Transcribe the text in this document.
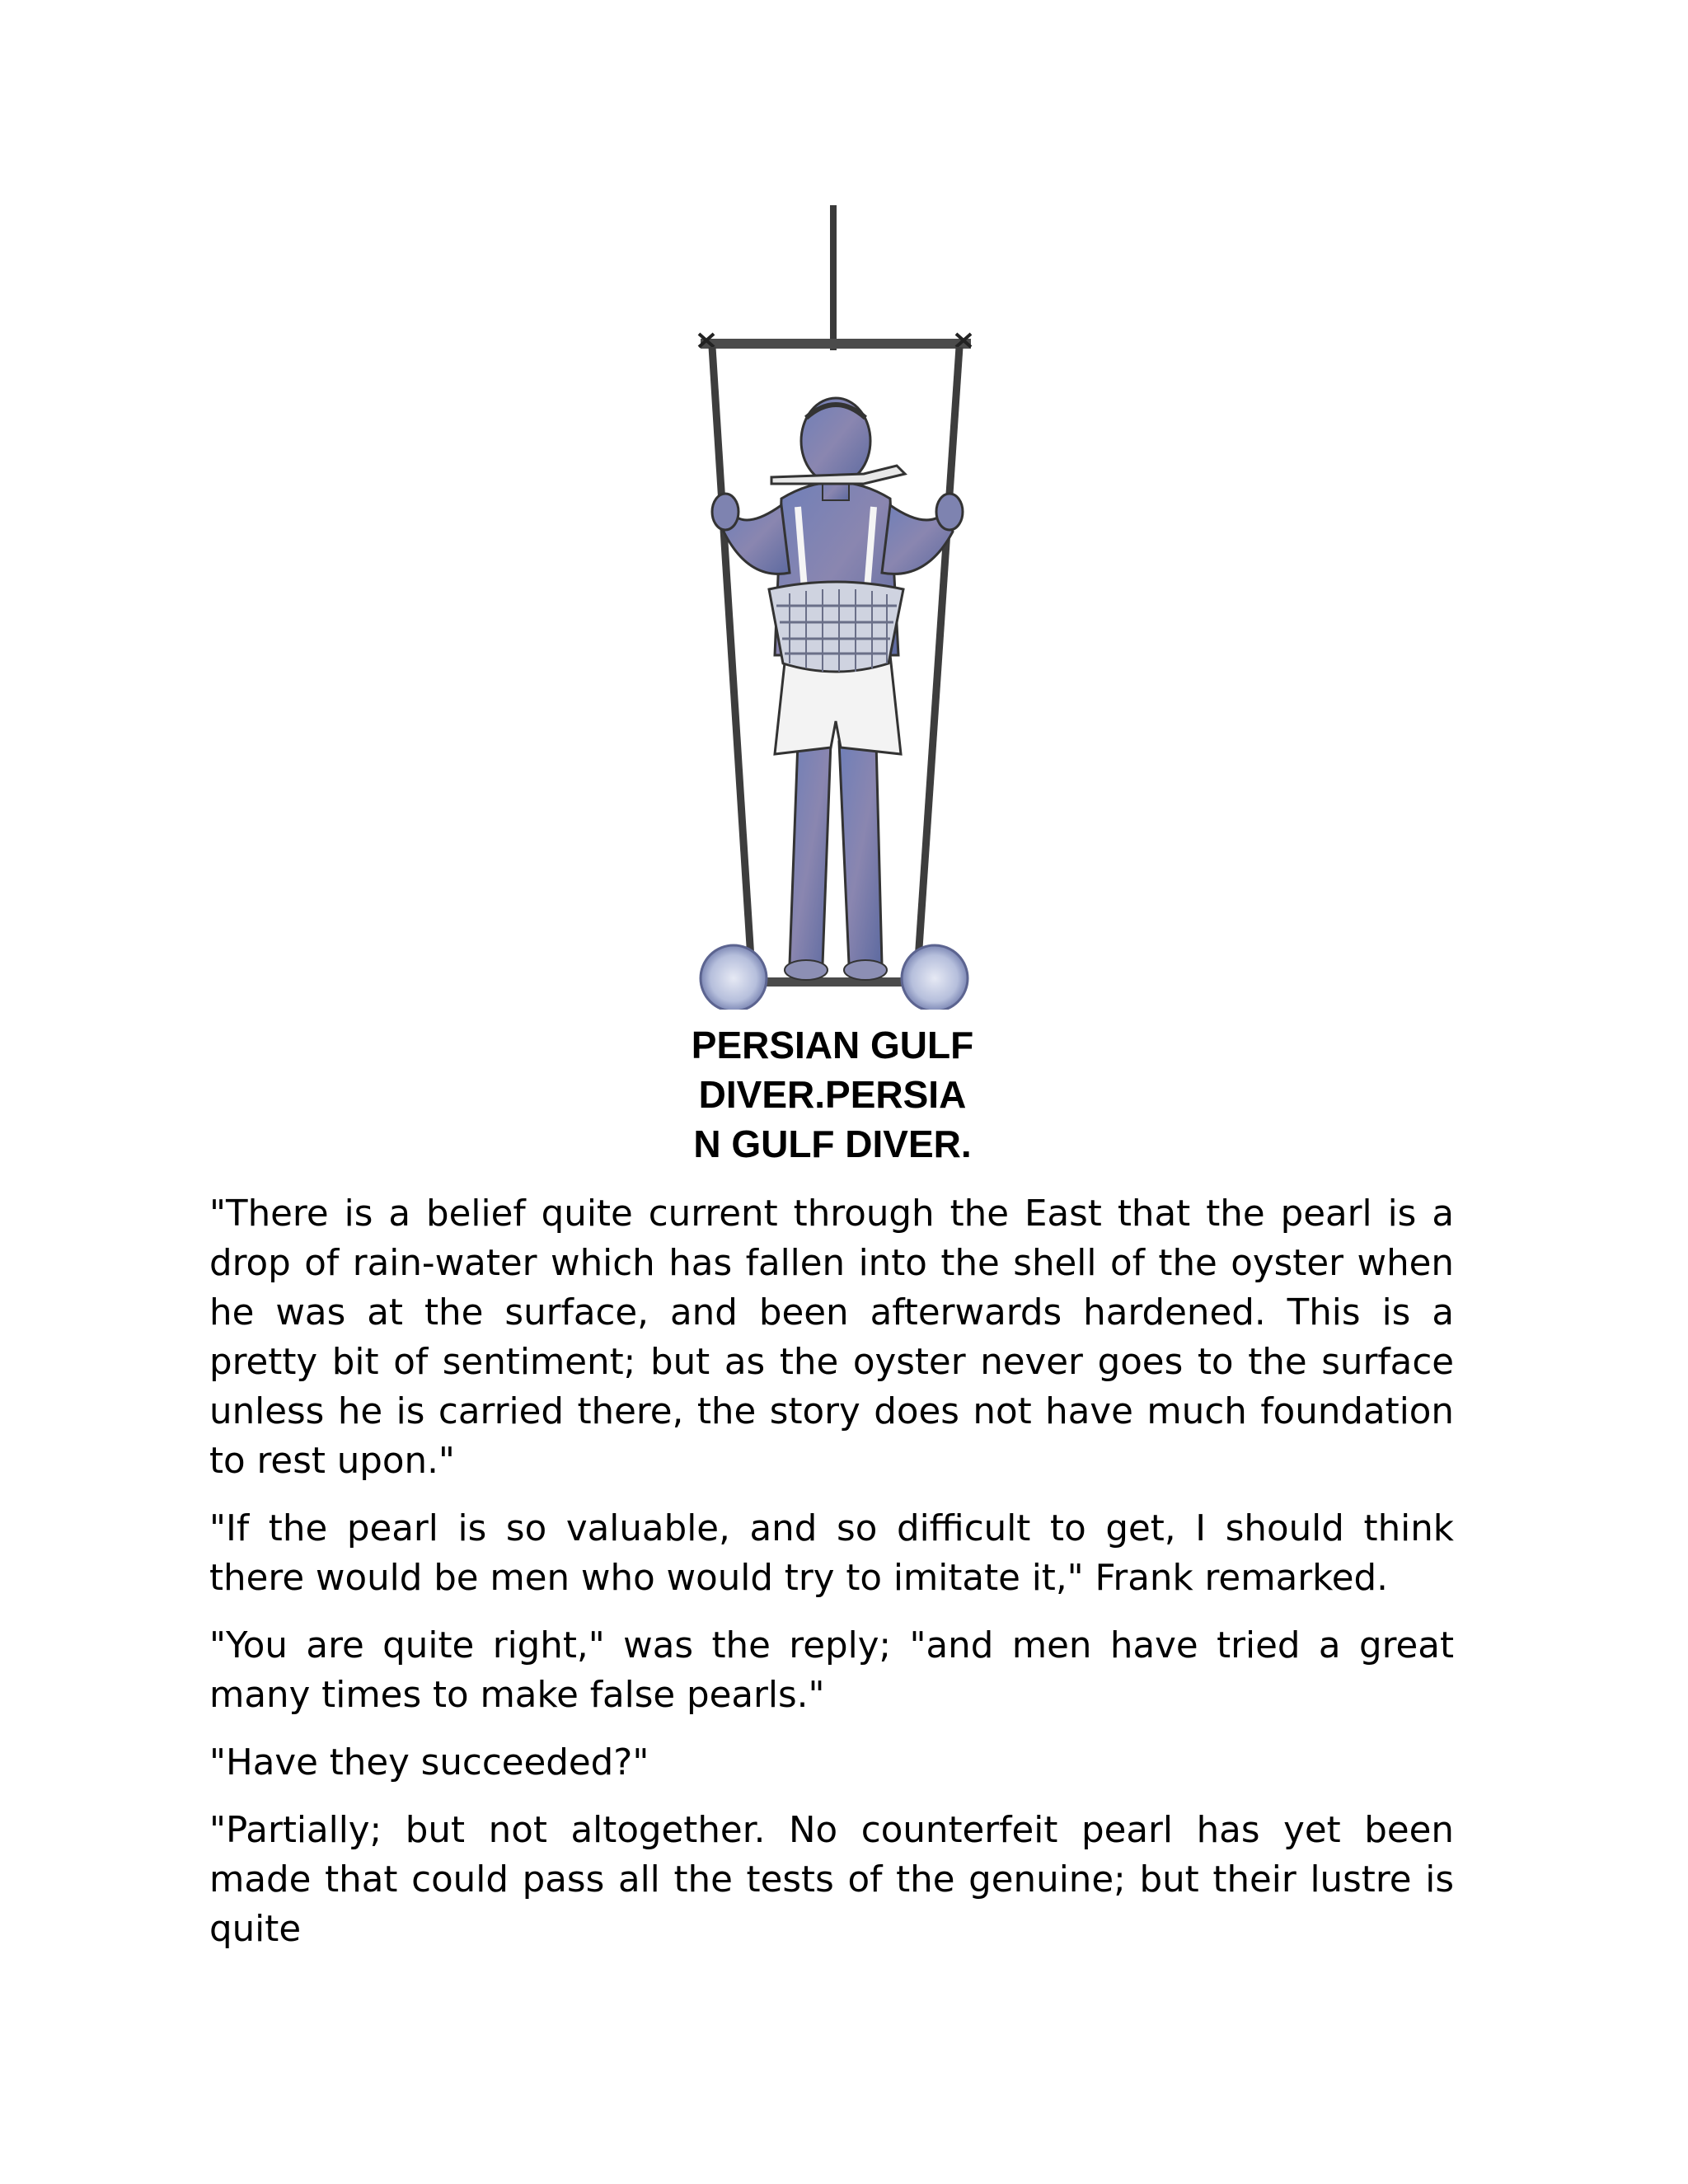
PERSIAN GULF
DIVER.PERSIA
N GULF DIVER.

"There is a belief quite current through the East that the pearl is a drop of rain-water which has fallen into the shell of the oyster when he was at the surface, and been afterwards hardened. This is a pretty bit of sentiment; but as the oyster never goes to the surface unless he is carried there, the story does not have much foundation to rest upon."

"If the pearl is so valuable, and so difficult to get, I should think there would be men who would try to imitate it," Frank remarked.

"You are quite right," was the reply; "and men have tried a great many times to make false pearls."

"Have they succeeded?"

"Partially; but not altogether. No counterfeit pearl has yet been made that could pass all the tests of the genuine; but their lustre is quite
